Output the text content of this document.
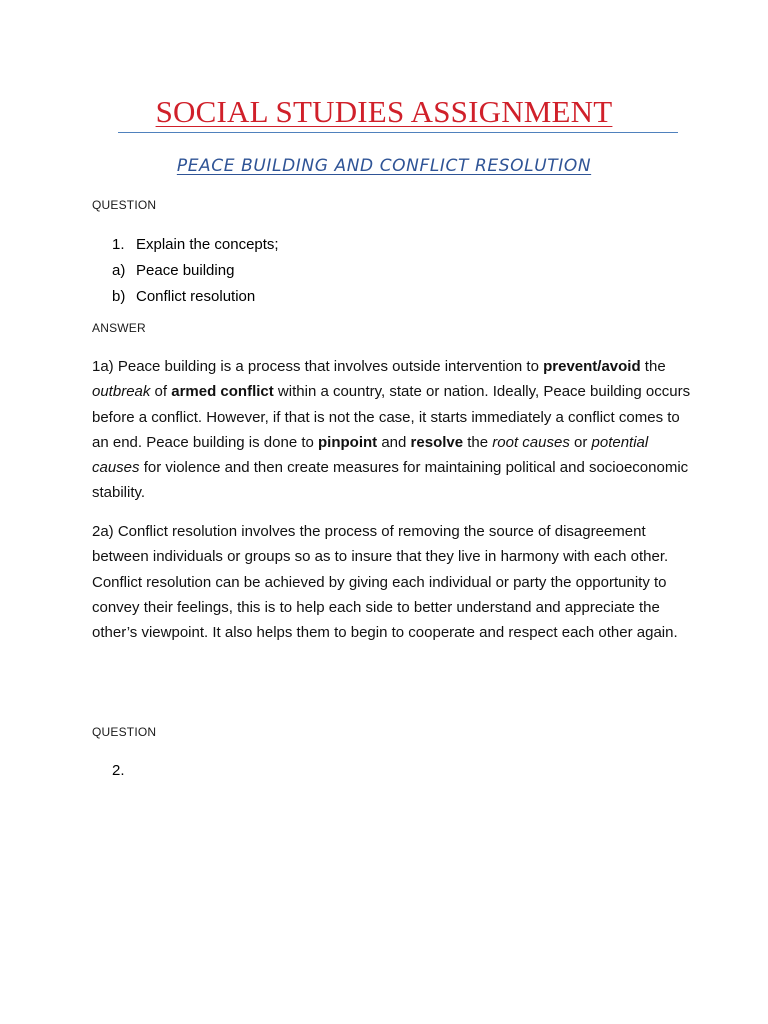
SOCIAL STUDIES ASSIGNMENT
PEACE BUILDING AND CONFLICT RESOLUTION
QUESTION
1. Explain the concepts;
a) Peace building
b) Conflict resolution
ANSWER

1a) Peace building is a process that involves outside intervention to prevent/avoid the outbreak of armed conflict within a country, state or nation. Ideally, Peace building occurs before a conflict. However, if that is not the case, it starts immediately a conflict comes to an end. Peace building is done to pinpoint and resolve the root causes or potential causes for violence and then create measures for maintaining political and socioeconomic stability.

2a) Conflict resolution involves the process of removing the source of disagreement between individuals or groups so as to insure that they live in harmony with each other. Conflict resolution can be achieved by giving each individual or party the opportunity to convey their feelings, this is to help each side to better understand and appreciate the other’s viewpoint. It also helps them to begin to cooperate and respect each other again.

QUESTION
2.
